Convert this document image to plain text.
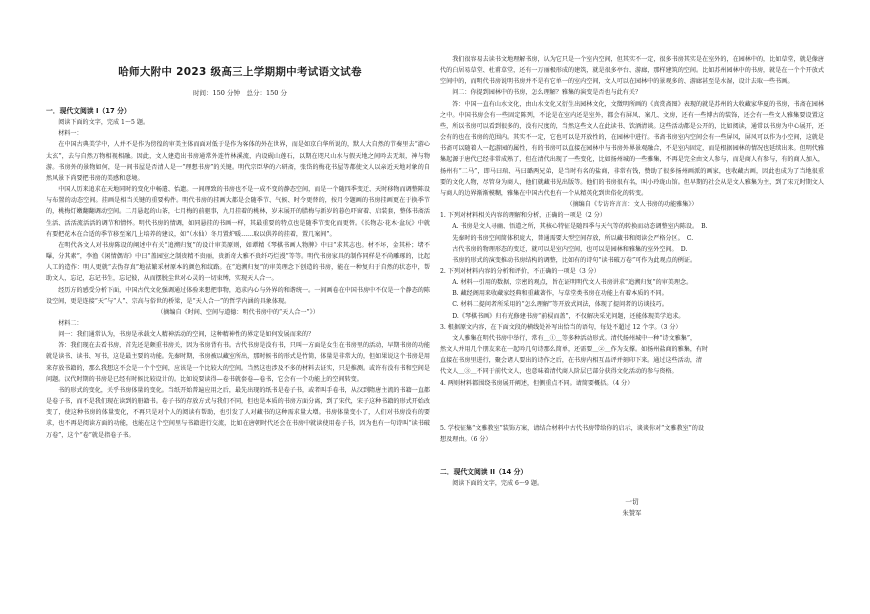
哈师大附中 2023 级高三上学期期中考试语文试卷
时间：150 分钟　总分：150 分

一．现代文阅读 I（17 分）

阅读下面的文字，完成 1～5 题。

材料一：

在中国古典美学中，人并不是作为傍徨的审美主体而面对低于是作为客体的外在世界，而是如京白华所说的，默人大自然的节奏里去“游心太玄”，去与自然万物相视相融。因此，文人建造出书房通常外连竹林溪流，内设砚山莲石，以期在咫尺山水与假天地之间吟去无垠，神与物游。书房外的景物如何，是一间书屋是否清人是一“理想书房”的关键。明代宗臣华的六研斋，张岱的梅花书屋等都使文人以亲近天地对象的自然风景下尚要把书房的美感和意境。

中国人历来追求在天地同时的变化中畅遣、怡遗。一间理致的书房也不是一成不变的静态空间，而是一个随四季变迁、天时移物而调整陈设与布置的动态空间。挂画是相当关键的重要构件。明代书房的挂画大都是会随季节、气候、时令更替的，按月令题画的书房挂画更在于换季节的，桃梅灯嫩翻翻调动空间。二月悬起的山茶，七月梅的前驱事，九月挂着的桃林，岁末展开的腊梅与新岁的暮色吓窗着、启装套，整体书斋活生活、活活流活活的调节和情怀。明代书房的情调，如同悬挂的书画一样，其最重要的特点也是随季节变化而更替。《长物志·花木·盆玩》中就有要把花木在合适的季节移至案几上培养的建议，如“（水仙）冬月置炉暖……取以供养的挂着，置几案间”。

在明代各文人对书房陈设的阐述中有关“追溯归复”的设计审美原则，如谭精《琴棋书画人物脾》中曰“求其志也。材不坏，金其朴；堵不曝，分其素”，李渔《闲情偶寄》中曰“盖园室之制贵精不贵丽，贵新奇大雅不贵纤巧烂漫”等等。明代书房家具的制作同样是不尚雕琢的，比起人工的造作：明人更就“去伪存真”地祛繁采材原本的颜色和纹路。在“追溯归复”的审美理念下创造的书房，能在一种复归于自然的状态中，帮助文人，忘记，忘记书生，忘记彼，从而摆脱尘世对心灵的一切束缚，实现天人合一。

经历方的感受分析下面，中国古代文化强调通过体验来想把事物，追求内心与外界的和谐统一。一间画卷在中国书房中不仅是一个静态的陈设空间，更是连接“天”与“人”、宗高与俗世的桥梁，是“天人合一”的哲学内涵的具象体现。

（摘编自《时间、空间与道德：明代书房中的“天人合一”》）

材料二：

问一：我们通常认为，书房是承载文人精神活动的空间，这种精神性的界定是如何发展而来的？

答：我们现在去看书房，首先还是颇重书房关，因为书房背有书。古代书房是没有书，只叫一方面是女生在书房里的活动，早期书房的功能就是读书、读书、写书，这是最主要的功能。先秦时期，书房被以藏室所出，那时候书的形式是竹简，体量是非常大的，但如果说这个书房是用来存放书籍的，那么我想这不会是一个个空间，应该是一个比较大的空间。当然这也涉及不多的材料去证实，只是推测。或许有没有书和空间是问题。汉代时期的书房是已经有时候比较设计的。比如说要读得—卷书就套卷—卷书，它会有一个功能上的空间转变。

书的形式的变化，关乎书房体量的变化。当纸开始普遍应用之后，最先出现的纸书是卷子书，或者叫手卷书，从汉到隋唐主流的书籍一直都是卷子书，而不是我们现在读到的册籍书。卷子书的存放方式与我们不同，但也是本质的书房方面分离，到了宋代，宋子这种书籍的形式开始改变了，使这种书房的体量变化，不再只是对个人的阅读有帮助，也引发了人对藏书的这种需求量大增。书房体量变小了，人们对书房没有的要求，也不再是阅读方面的功能，也能在这个空间里与书籍进行交流，比如在唐朝时代还会在书房中就读使用卷子书，因为也有一句诗叫“读书破万卷”，这个“卷”就是指卷子书。

我们很容易去读书文地理解书房，认为它只是一个室内空间，但其实不一定，很多书房其实是在室外的，在园林中的，比如草堂，就是像唐代的白居易草堂、杜甫草堂，还有一万丽极形成的建筑，就是很多亭台、游廊，那样建筑的空间。比如苏州园林中的书房，就是在一个个开放式空间中的，而明代书房说明书房并不是有它单一的室内空间，文人可以在园林中的景观多的、游廊甚至是水湿，设计去取一些书画。

问二：你提到园林中的书房，怎么理解？雅集的演变是否也与此有关？

答：中国一直有山水文化，由山水文化又衍生出园林文化，文徵明所画的《真赏斋图》表现的就是苏州的大收藏家华夏的书房，书斋在园林之中。中国书房会有一些固定陈列，不论是在室内还是室外，都会有屏风、案几、文房，还有一些博古的装饰，还会有一些文人雅集要设置这些，所以书房可以看到很多的，没有尺度的，当然这些文人在此读书、饮酒清谈。这些活动都是公开的，比如阅读，通常以书房为中心展开，还会有的也在书房的范围内。其实不一定，它也可以是开放性的，在园林中进行。书斋书房室内空间会有一些屏风，屏风可以作为小空间，这就是书斋可以随着人一起游园的属性，有的书房可以直接在园林中与书房外界景观融合，不是室内固定，而是根据园林的情况也延续出来。但明代雅集起源于唐代已经非常成熟了，但在清代出现了一些变化，比如扬州城的一些雅集，不再是完全由文人参与，而是商人有参与，有的商人加入，扬州有“二马”，即马曰琯、马曰璐两兄弟，是当时有名的盐商，非常有钱，赞助了很多扬州画派的画家，也收藏古画，因此也成为了当地很重要的文化人物，尽管身为商人，他们就藏书见出版等。他们的书房很有名，叫小玲珑山馆。但早期的社会从是文人雅集为主，到了宋元时期文人与商人的边界渐渐模糊，雅集在中国古代也有一个从精英化到世俗化的转变。

（摘编自《专访许言言：文人书房的功能雅集》）

1. 下列对材料相关内容的理解和分析，正确的一项是（2 分）

A. 书房是文人寻幽、悟道之所，其核心特征是随四季与天气等的转换而动态调整室内陈设。　B.

先秦时的书房空间简体积庞大，普通需要大型空间存放，所以藏书和阅读会严格分区。　C.

古代书房的物理形态的变迁，就可以是室内空间，也可以是园林和雅集的室外空间。　D.

书房的形式的演变推动书房结构的调整，比如有的诗句“读书破万卷”可作为此观点的例证。

2. 下列对材料内容的分析和评价，不正确的一项是（3 分）

A. 材料一引用的数据，宗密的观点，旨在证明明代文人书房讲求“追溯归复”的审美理念。

B. 藏经阁用来收藏家经典和重藏著作，与草堂类书房在功能上有着本质的不同。

C. 材料二提问者所采用的“怎么理解”等开放式问法，体现了提问者的访谈技巧。

D.《琴棋书画》归有光修建书房“前棂而盖”，不仅解决采光问题，还能体现美学追求。

3. 根据原文内容，在下面文段的横线处补写出恰当的语句，每处不超过 12 个字。（3 分）

文人雅集在明代书房中举行，常有＿①＿等多种活动形式。清代扬州城中一种“诗文雅集”，

然文人并用几个朋友来在一起吟几句诗那么简单，还需要＿②＿作为支撑。如扬州盐商的雅集，有时

直接在书房里进行，聚会诸人要出的诗作之后，在书房内相互品评并刻印下来。通过这些活动，清

代文人＿③＿不同于前代文人，也意味着清代商人阶层已部分获得文化活动的参与资格。

4. 两则材料都围绕书房展开阐述，但侧重点不同。请简要概括。（4 分）

5. 学校征集“文雅教室”装饰方案，请结合材料中古代书房带给你的启示，谈谈你对“文雅教室”的设

想及理由。（6 分）

二．现代文阅读 II（14 分）

阅读下面的文字，完成 6～9 题。

一切

朱赞军
